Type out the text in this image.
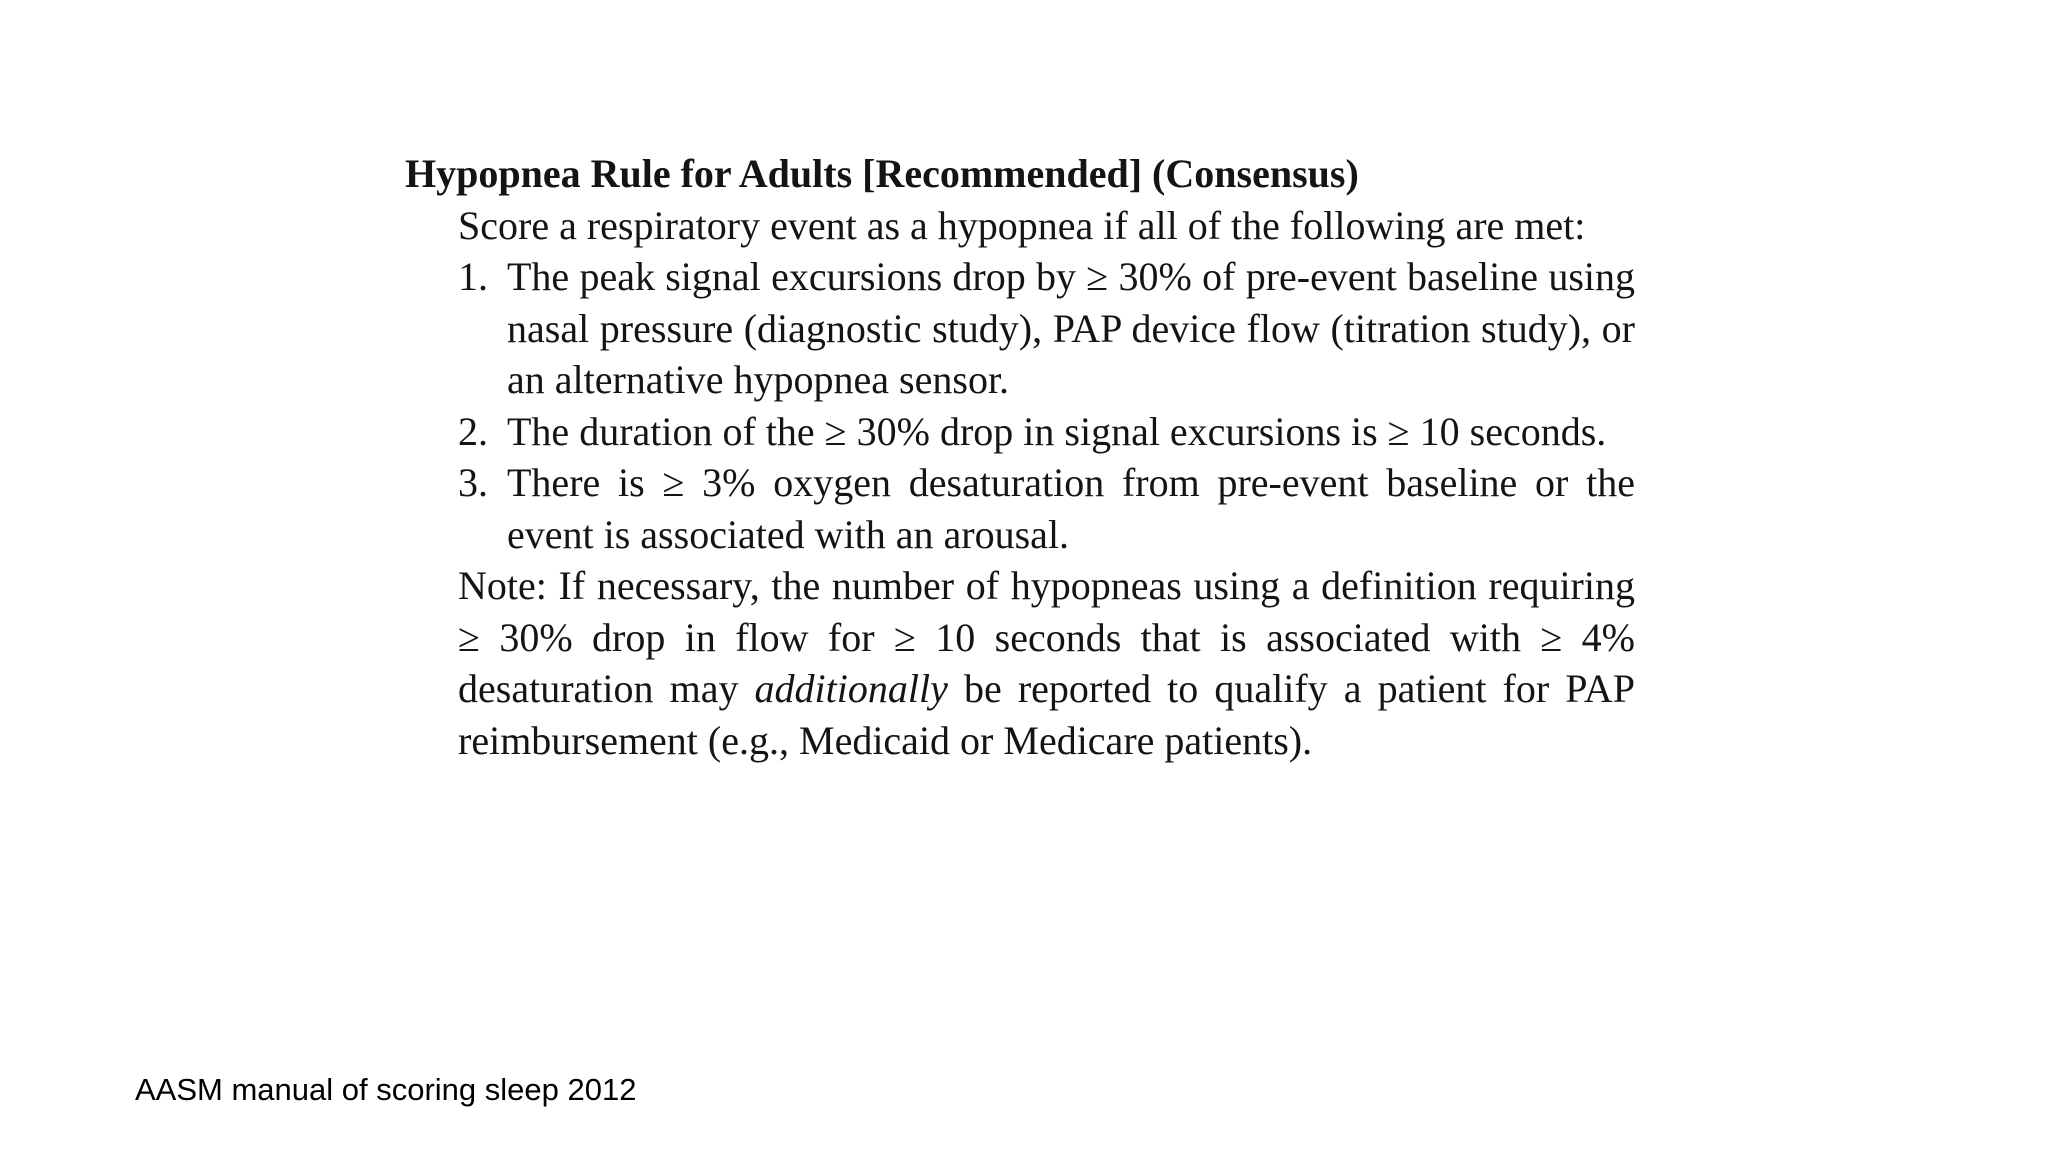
Hypopnea Rule for Adults [Recommended] (Consensus)

Score a respiratory event as a hypopnea if all of the following are met:

1. The peak signal excursions drop by ≥ 30% of pre-event baseline using nasal pressure (diagnostic study), PAP device flow (titration study), or an alternative hypopnea sensor.
2. The duration of the ≥ 30% drop in signal excursions is ≥ 10 seconds.
3. There is ≥ 3% oxygen desaturation from pre-event baseline or the event is associated with an arousal.

Note: If necessary, the number of hypopneas using a definition requiring ≥ 30% drop in flow for ≥ 10 seconds that is associated with ≥ 4% desaturation may additionally be reported to qualify a patient for PAP reimbursement (e.g., Medicaid or Medicare patients).

AASM manual of scoring sleep 2012
